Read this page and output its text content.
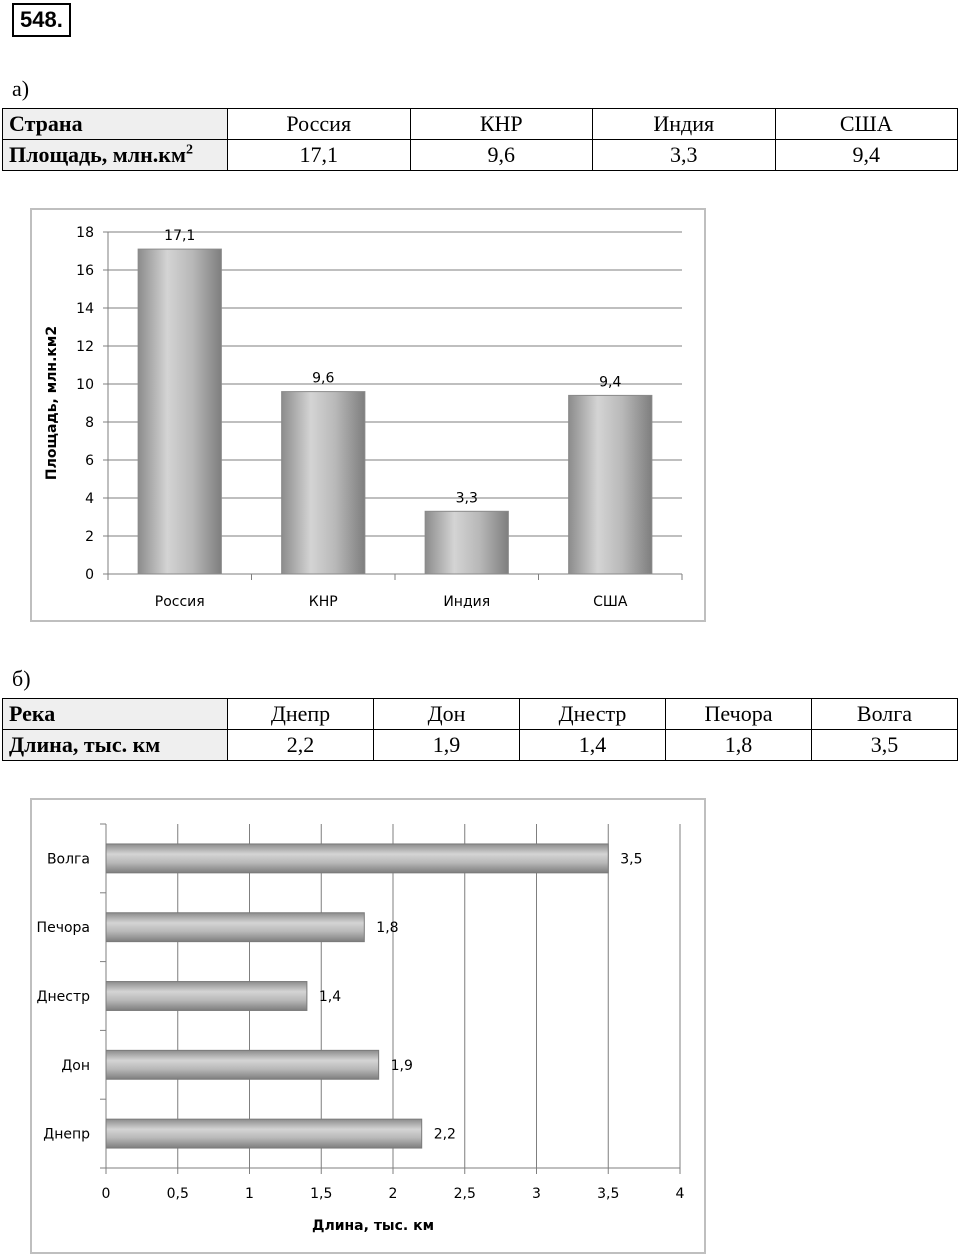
548.
а)
Страна	Россия	КНР	Индия	США
Площадь, $млн.км^2$	17,1	9,6	3,3	9,4
0
2
4
6
8
10
12
14
16
18	17,1
Россия
9,6
КНР
3,3
Индия
9,4
США
Площадь, млн.км2
б)
Река	Днепр	Дон	Днестр	Печора	Волга
Длина, тыс. км	2,2	1,9	1,4	1,8	3,5
0	0,5	1	1,5	2	2,5	3	3,5	4
3,5
Волга
1,8
Печора
1,4
Днестр
1,9
Дон
2,2
Днепр
Длина, тыс. км
